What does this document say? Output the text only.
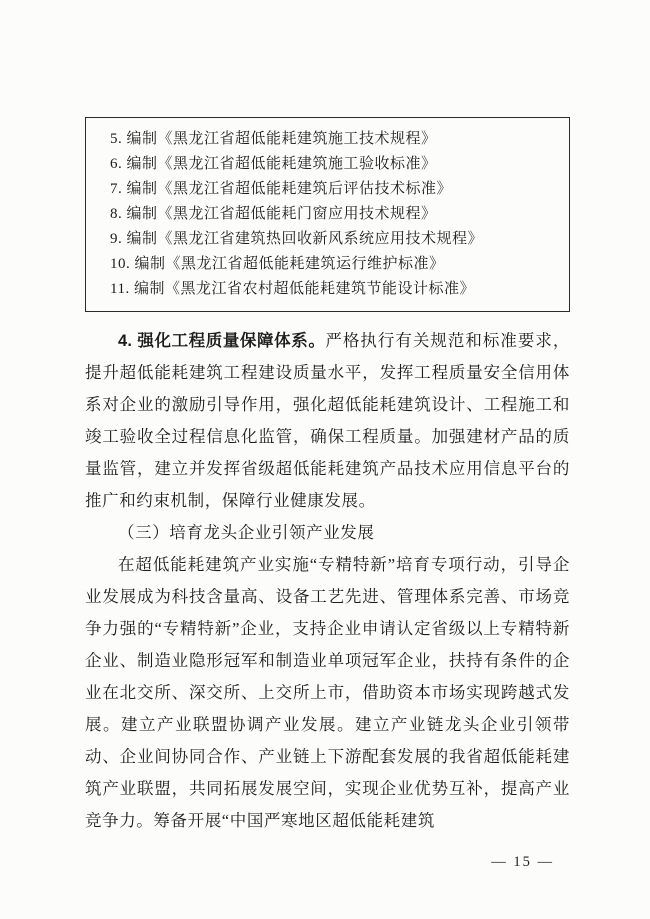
5. 编制《黑龙江省超低能耗建筑施工技术规程》
6. 编制《黑龙江省超低能耗建筑施工验收标准》
7. 编制《黑龙江省超低能耗建筑后评估技术标准》
8. 编制《黑龙江省超低能耗门窗应用技术规程》
9. 编制《黑龙江省建筑热回收新风系统应用技术规程》
10. 编制《黑龙江省超低能耗建筑运行维护标准》
11. 编制《黑龙江省农村超低能耗建筑节能设计标准》

4. 强化工程质量保障体系。严格执行有关规范和标准要求，提升超低能耗建筑工程建设质量水平，发挥工程质量安全信用体系对企业的激励引导作用，强化超低能耗建筑设计、工程施工和竣工验收全过程信息化监管，确保工程质量。加强建材产品的质量监管，建立并发挥省级超低能耗建筑产品技术应用信息平台的推广和约束机制，保障行业健康发展。

（三）培育龙头企业引领产业发展

在超低能耗建筑产业实施“专精特新”培育专项行动，引导企业发展成为科技含量高、设备工艺先进、管理体系完善、市场竞争力强的“专精特新”企业，支持企业申请认定省级以上专精特新企业、制造业隐形冠军和制造业单项冠军企业，扶持有条件的企业在北交所、深交所、上交所上市，借助资本市场实现跨越式发展。建立产业联盟协调产业发展。建立产业链龙头企业引领带动、企业间协同合作、产业链上下游配套发展的我省超低能耗建筑产业联盟，共同拓展发展空间，实现企业优势互补，提高产业竞争力。筹备开展“中国严寒地区超低能耗建筑

— 15 —
